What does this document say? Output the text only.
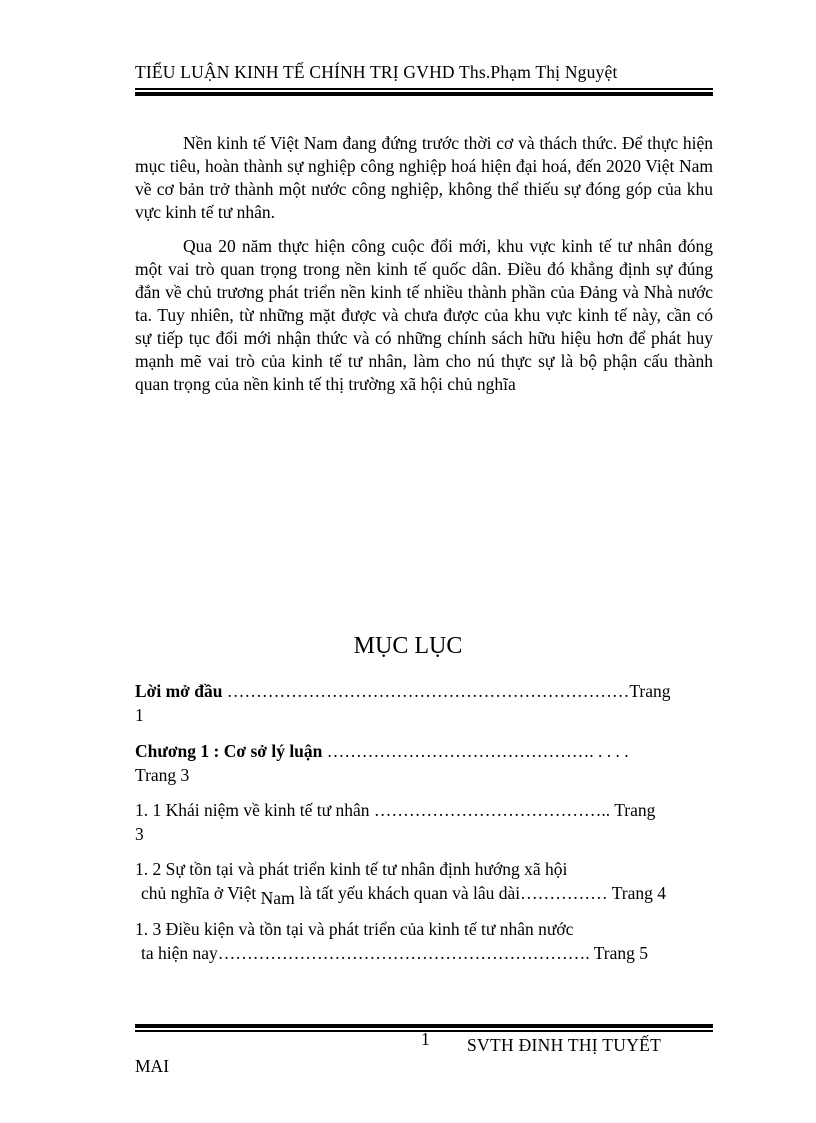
TIỂU LUẬN KINH TẾ CHÍNH TRỊ GVHD Ths.Phạm Thị Nguyệt

Nền kinh tế Việt Nam đang đứng trước thời cơ và thách thức. Để thực hiện mục tiêu, hoàn thành sự nghiệp công nghiệp hoá hiện đại hoá, đến 2020 Việt Nam về cơ bản trở thành một nước công nghiệp, không thể thiếu sự đóng góp của khu vực kinh tế tư nhân.

Qua 20 năm thực hiện công cuộc đổi mới, khu vực kinh tế tư nhân đóng một vai trò quan trọng trong nền kinh tế quốc dân. Điều đó khẳng định sự đúng đắn về chủ trương phát triển nền kinh tế nhiều thành phần của Đảng và Nhà nước ta. Tuy nhiên, từ những mặt được và chưa được của khu vực kinh tế này, cần có sự tiếp tục đổi mới nhận thức và có những chính sách hữu hiệu hơn để phát huy mạnh mẽ vai trò của kinh tế tư nhân, làm cho nú thực sự là bộ phận cấu thành quan trọng của nền kinh tế thị trường xã hội chủ nghĩa

MỤC LỤC
Lời mở đầu ……………………………………………………………Trang
1
Chương 1 : Cơ sở lý luận ………………………………………. . . . .
Trang 3
1. 1 Khái niệm về kinh tế tư nhân ………………………………….. Trang
3
1. 2 Sự tồn tại và phát triển kinh tế tư nhân định hướng xã hội
chủ nghĩa ở Việt Nam là tất yếu khách quan và lâu dài…………… Trang 4
1. 3 Điều kiện và tồn tại và phát triển của kinh tế tư nhân nước
ta hiện nay………………………………………………………. Trang 5
1 SVTH ĐINH THỊ TUYẾT
MAI
